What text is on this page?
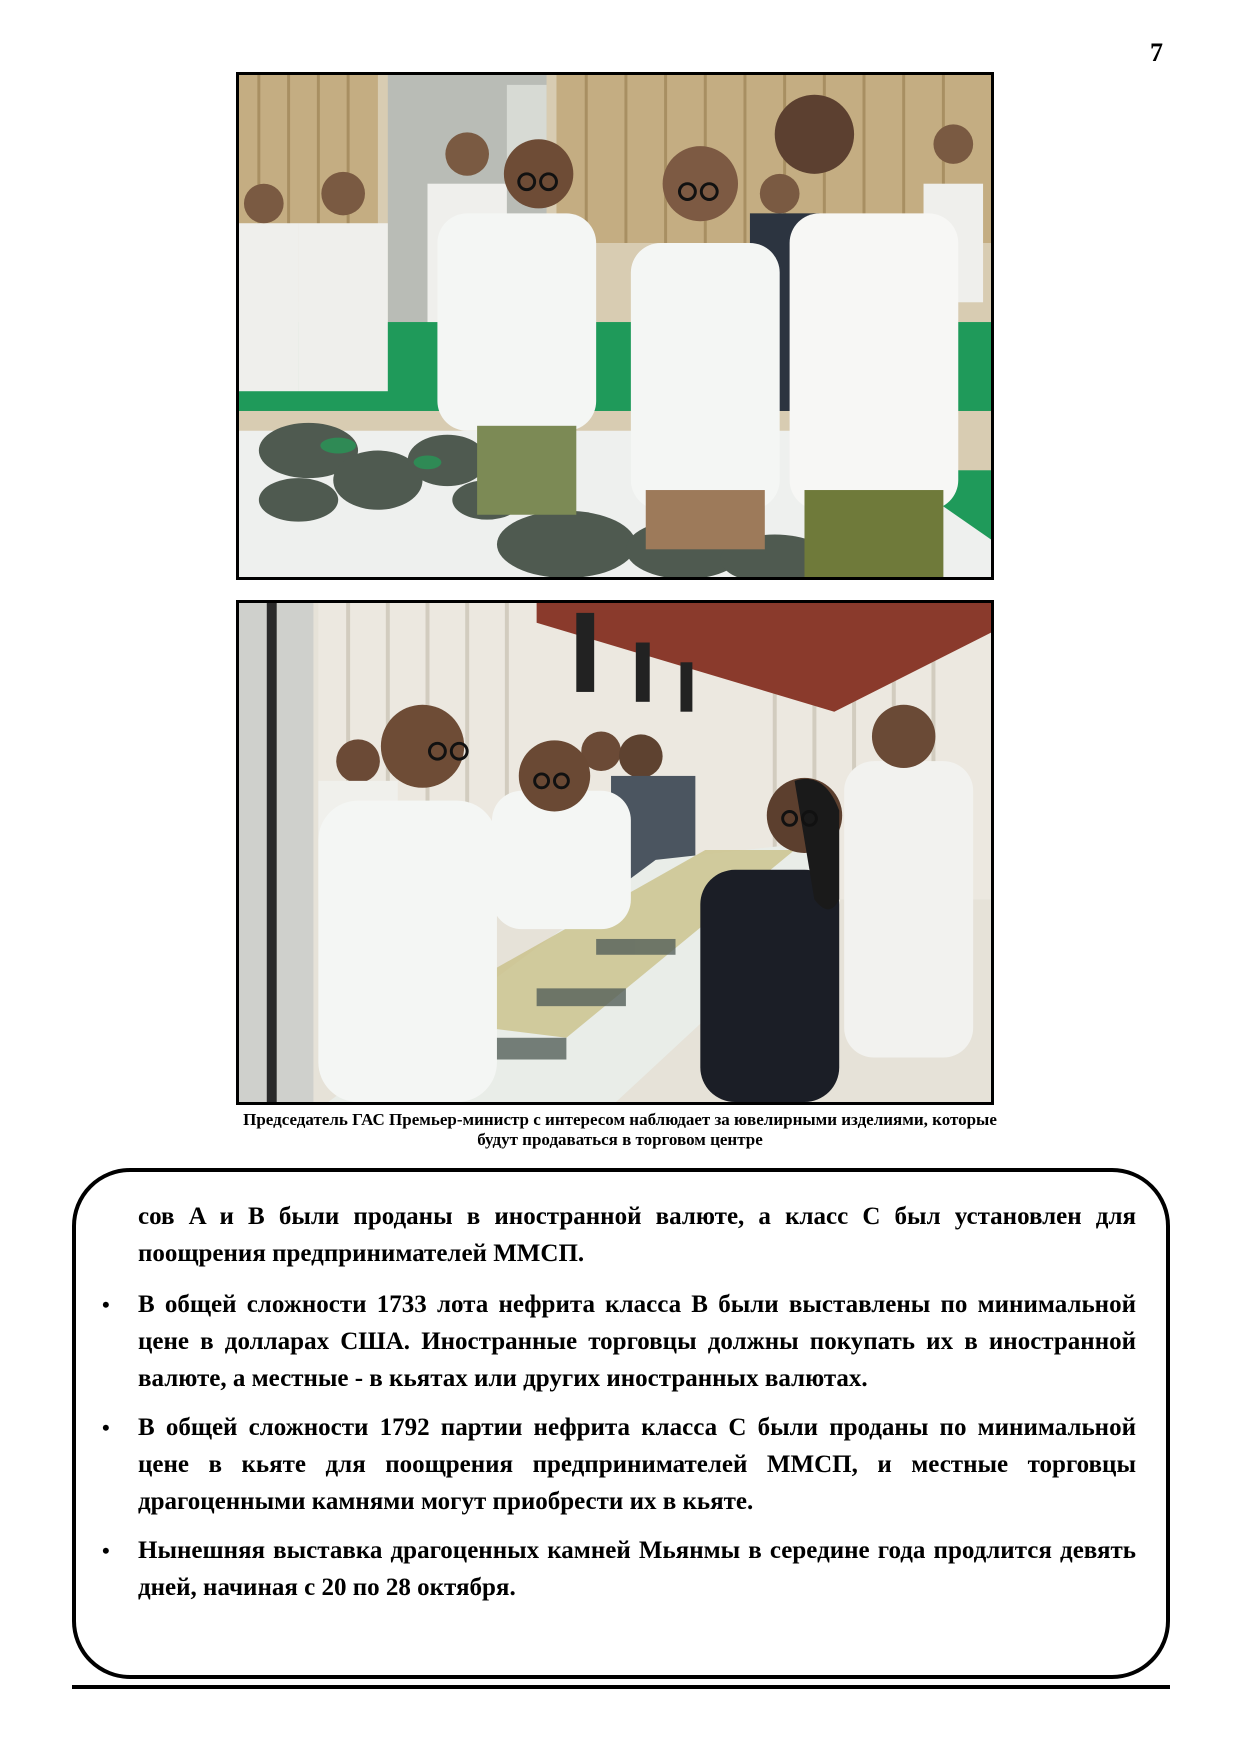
7
Председатель ГАС Премьер-министр с интересом наблюдает за ювелирными изделиями, которые
будут продаваться в торговом центре

сов A и B были проданы в иностранной валюте, а класс С был установлен для поощрения предпринимателей ММСП.

• В общей сложности 1733 лота нефрита класса B были выставлены по минимальной цене в долларах США. Иностранные торговцы должны покупать их в иностранной валюте, а местные - в кьятах или других иностранных валютах.
• В общей сложности 1792 партии нефрита класса C были проданы по минимальной цене в кьяте для поощрения предпринимателей ММСП, и местные торговцы драгоценными камнями могут приобрести их в кьяте.
• Нынешняя выставка драгоценных камней Мьянмы в середине года продлится девять дней, начиная с 20 по 28 октября.
